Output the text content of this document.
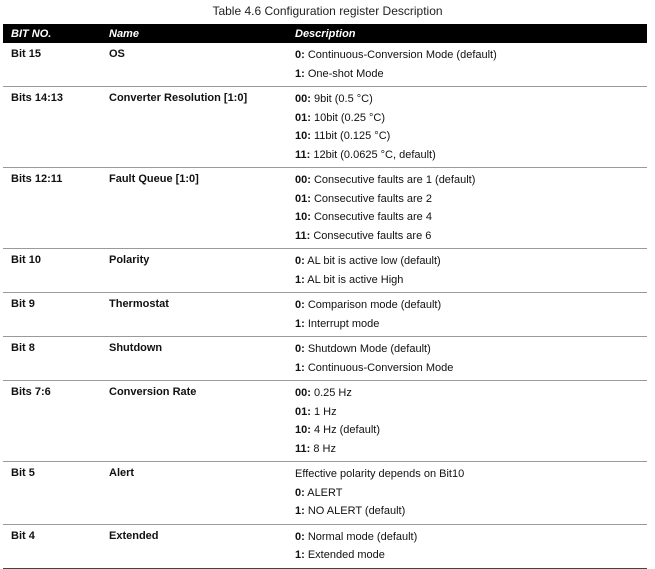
Table 4.6 Configuration register Description
BIT NO.	Name	Description
Bit 15	OS	0: Continuous-Conversion Mode (default)
1: One-shot Mode

Bits 14:13	Converter Resolution [1:0]	00: 9bit (0.5 °C)
01: 10bit (0.25 °C)
10: 11bit (0.125 °C)
11: 12bit (0.0625 °C, default)

Bits 12:11	Fault Queue [1:0]	00: Consecutive faults are 1 (default)
01: Consecutive faults are 2
10: Consecutive faults are 4
11: Consecutive faults are 6

Bit 10	Polarity	0: AL bit is active low (default)
1: AL bit is active High

Bit 9	Thermostat	0: Comparison mode (default)
1: Interrupt mode

Bit 8	Shutdown	0: Shutdown Mode (default)
1: Continuous-Conversion Mode

Bits 7:6	Conversion Rate	00: 0.25 Hz
01: 1 Hz
10: 4 Hz (default)
11: 8 Hz

Bit 5	Alert	Effective polarity depends on Bit10
0: ALERT
1: NO ALERT (default)

Bit 4	Extended	0: Normal mode (default)
1: Extended mode
